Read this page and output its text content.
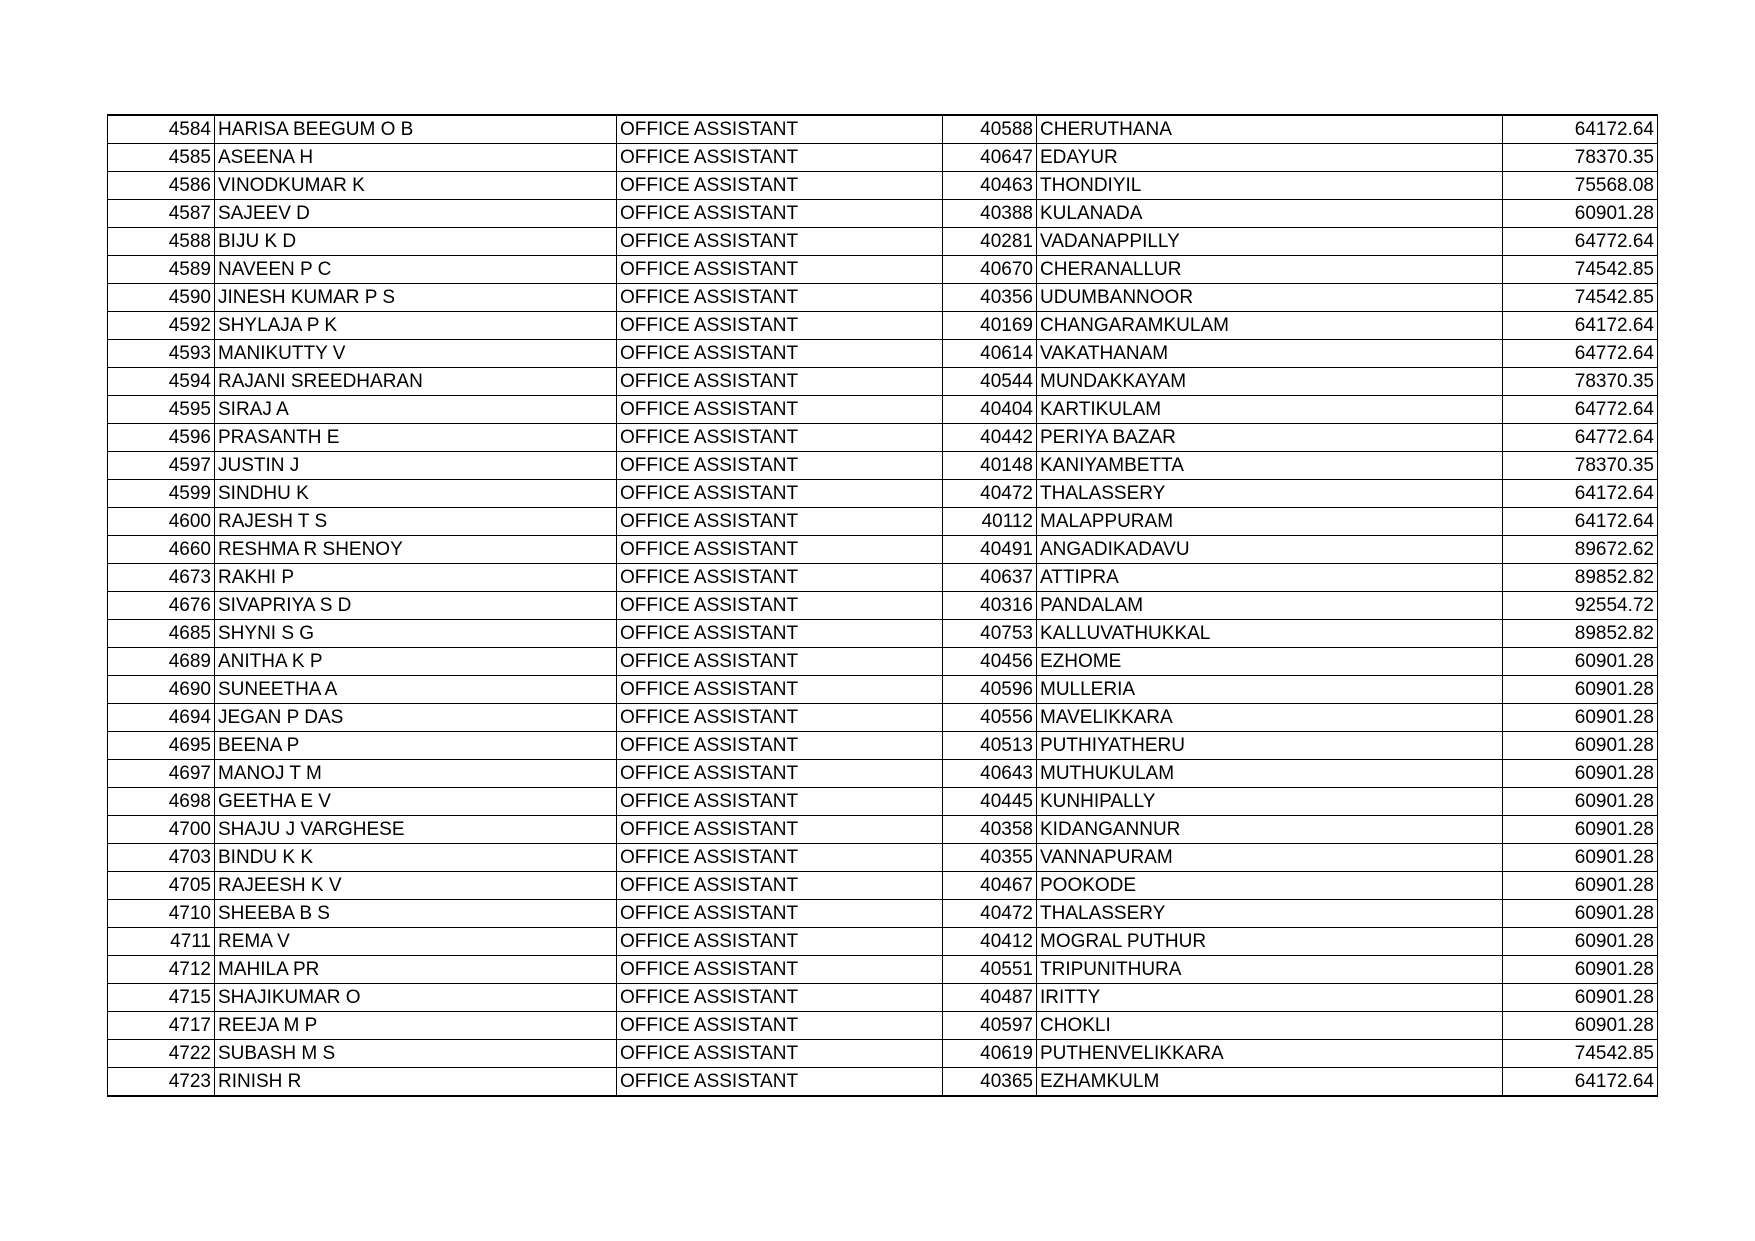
4584	HARISA BEEGUM O B	OFFICE ASSISTANT	40588	CHERUTHANA	64172.64
4585	ASEENA H	OFFICE ASSISTANT	40647	EDAYUR	78370.35
4586	VINODKUMAR K	OFFICE ASSISTANT	40463	THONDIYIL	75568.08
4587	SAJEEV D	OFFICE ASSISTANT	40388	KULANADA	60901.28
4588	BIJU K D	OFFICE ASSISTANT	40281	VADANAPPILLY	64772.64
4589	NAVEEN P C	OFFICE ASSISTANT	40670	CHERANALLUR	74542.85
4590	JINESH KUMAR P S	OFFICE ASSISTANT	40356	UDUMBANNOOR	74542.85
4592	SHYLAJA P K	OFFICE ASSISTANT	40169	CHANGARAMKULAM	64172.64
4593	MANIKUTTY V	OFFICE ASSISTANT	40614	VAKATHANAM	64772.64
4594	RAJANI SREEDHARAN	OFFICE ASSISTANT	40544	MUNDAKKAYAM	78370.35
4595	SIRAJ A	OFFICE ASSISTANT	40404	KARTIKULAM	64772.64
4596	PRASANTH E	OFFICE ASSISTANT	40442	PERIYA BAZAR	64772.64
4597	JUSTIN J	OFFICE ASSISTANT	40148	KANIYAMBETTA	78370.35
4599	SINDHU K	OFFICE ASSISTANT	40472	THALASSERY	64172.64
4600	RAJESH T S	OFFICE ASSISTANT	40112	MALAPPURAM	64172.64
4660	RESHMA R SHENOY	OFFICE ASSISTANT	40491	ANGADIKADAVU	89672.62
4673	RAKHI P	OFFICE ASSISTANT	40637	ATTIPRA	89852.82
4676	SIVAPRIYA S D	OFFICE ASSISTANT	40316	PANDALAM	92554.72
4685	SHYNI S G	OFFICE ASSISTANT	40753	KALLUVATHUKKAL	89852.82
4689	ANITHA K P	OFFICE ASSISTANT	40456	EZHOME	60901.28
4690	SUNEETHA A	OFFICE ASSISTANT	40596	MULLERIA	60901.28
4694	JEGAN P DAS	OFFICE ASSISTANT	40556	MAVELIKKARA	60901.28
4695	BEENA P	OFFICE ASSISTANT	40513	PUTHIYATHERU	60901.28
4697	MANOJ T M	OFFICE ASSISTANT	40643	MUTHUKULAM	60901.28
4698	GEETHA E V	OFFICE ASSISTANT	40445	KUNHIPALLY	60901.28
4700	SHAJU J VARGHESE	OFFICE ASSISTANT	40358	KIDANGANNUR	60901.28
4703	BINDU K K	OFFICE ASSISTANT	40355	VANNAPURAM	60901.28
4705	RAJEESH K V	OFFICE ASSISTANT	40467	POOKODE	60901.28
4710	SHEEBA B S	OFFICE ASSISTANT	40472	THALASSERY	60901.28
4711	REMA V	OFFICE ASSISTANT	40412	MOGRAL PUTHUR	60901.28
4712	MAHILA PR	OFFICE ASSISTANT	40551	TRIPUNITHURA	60901.28
4715	SHAJIKUMAR O	OFFICE ASSISTANT	40487	IRITTY	60901.28
4717	REEJA M P	OFFICE ASSISTANT	40597	CHOKLI	60901.28
4722	SUBASH M S	OFFICE ASSISTANT	40619	PUTHENVELIKKARA	74542.85
4723	RINISH R	OFFICE ASSISTANT	40365	EZHAMKULM	64172.64
